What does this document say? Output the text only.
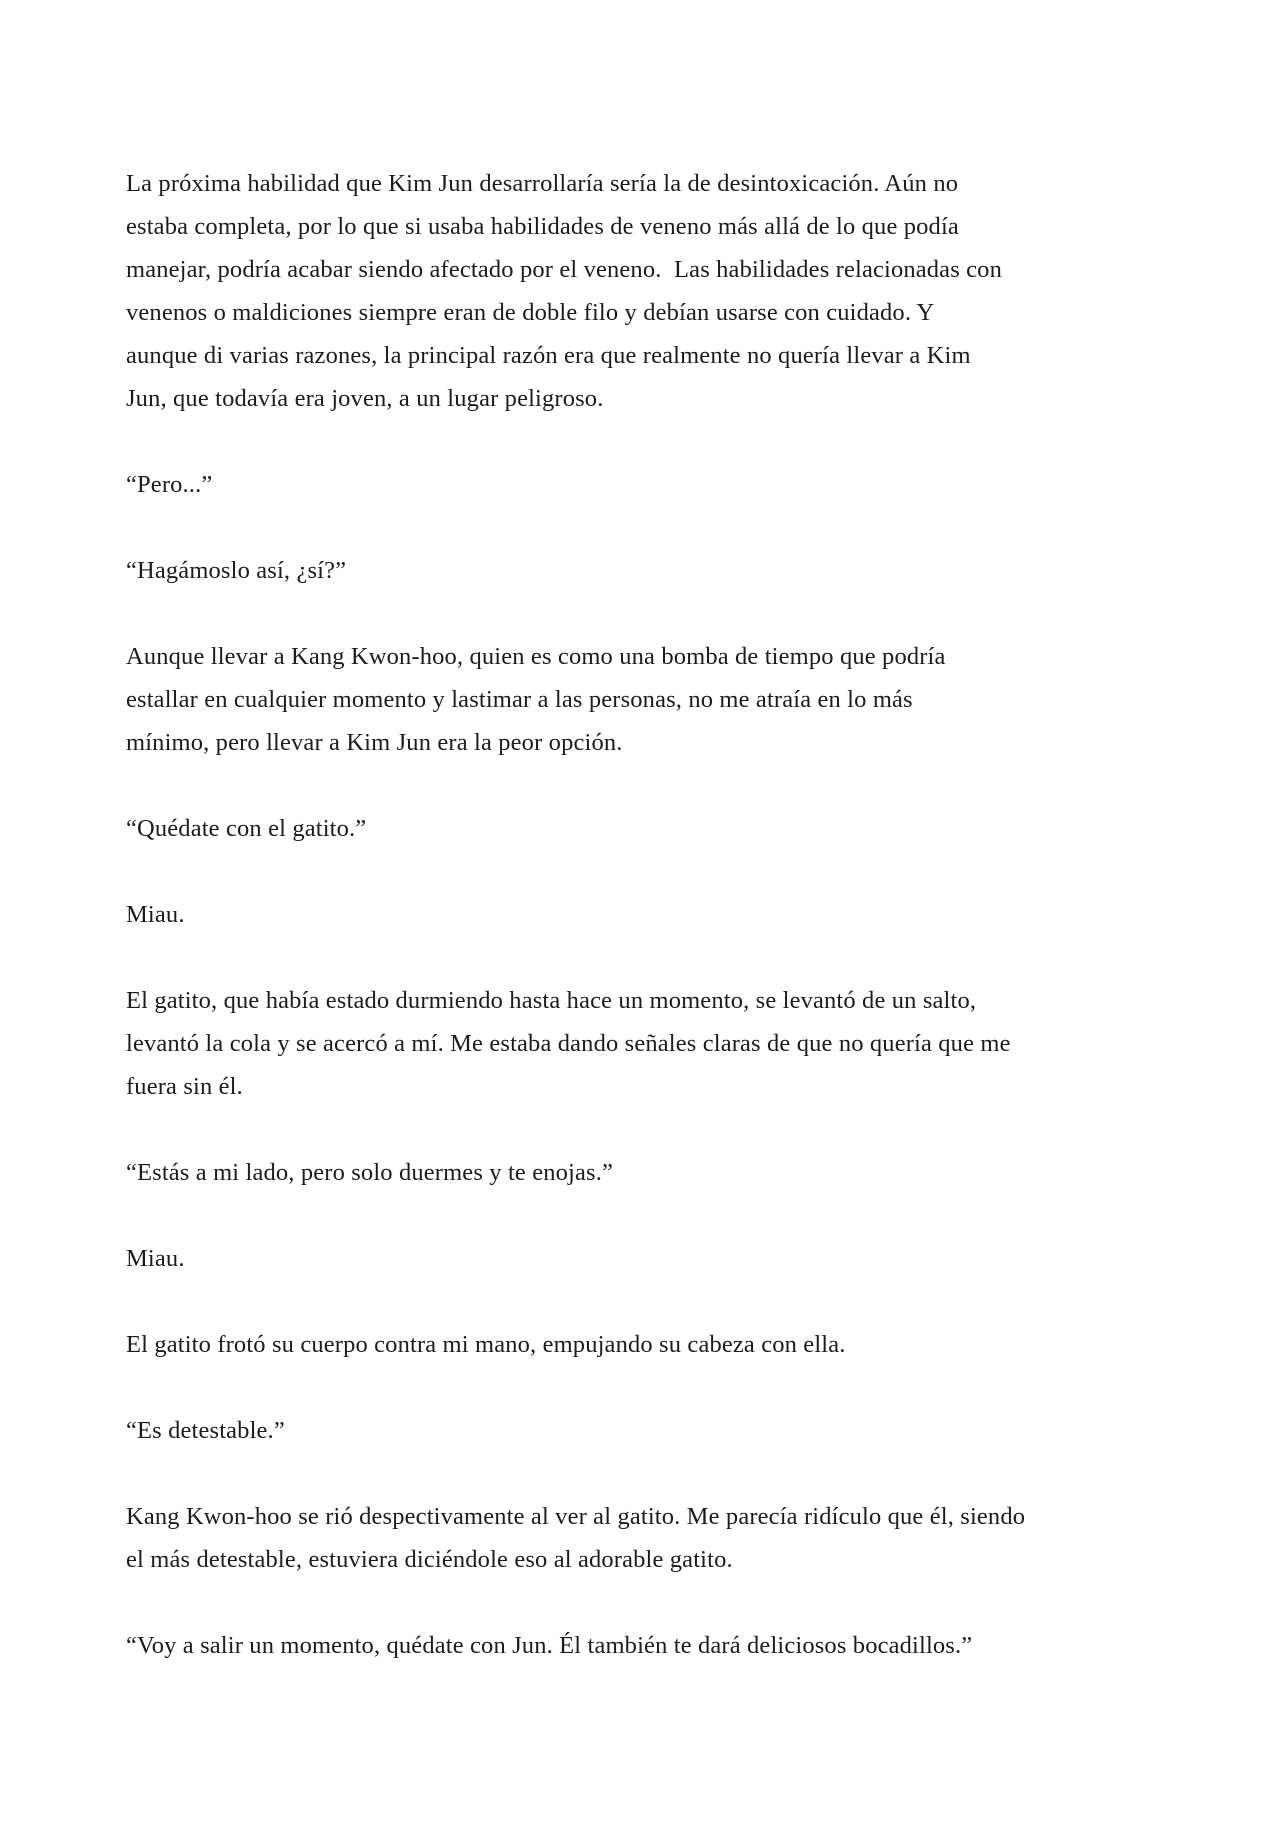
La próxima habilidad que Kim Jun desarrollaría sería la de desintoxicación. Aún no
estaba completa, por lo que si usaba habilidades de veneno más allá de lo que podía
manejar, podría acabar siendo afectado por el veneno.  Las habilidades relacionadas con
venenos o maldiciones siempre eran de doble filo y debían usarse con cuidado. Y
aunque di varias razones, la principal razón era que realmente no quería llevar a Kim
Jun, que todavía era joven, a un lugar peligroso.

“Pero...”

“Hagámoslo así, ¿sí?”

Aunque llevar a Kang Kwon-hoo, quien es como una bomba de tiempo que podría
estallar en cualquier momento y lastimar a las personas, no me atraía en lo más
mínimo, pero llevar a Kim Jun era la peor opción.

“Quédate con el gatito.”

Miau.

El gatito, que había estado durmiendo hasta hace un momento, se levantó de un salto,
levantó la cola y se acercó a mí. Me estaba dando señales claras de que no quería que me
fuera sin él.

“Estás a mi lado, pero solo duermes y te enojas.”

Miau.

El gatito frotó su cuerpo contra mi mano, empujando su cabeza con ella.

“Es detestable.”

Kang Kwon-hoo se rió despectivamente al ver al gatito. Me parecía ridículo que él, siendo
el más detestable, estuviera diciéndole eso al adorable gatito.

“Voy a salir un momento, quédate con Jun. Él también te dará deliciosos bocadillos.”
